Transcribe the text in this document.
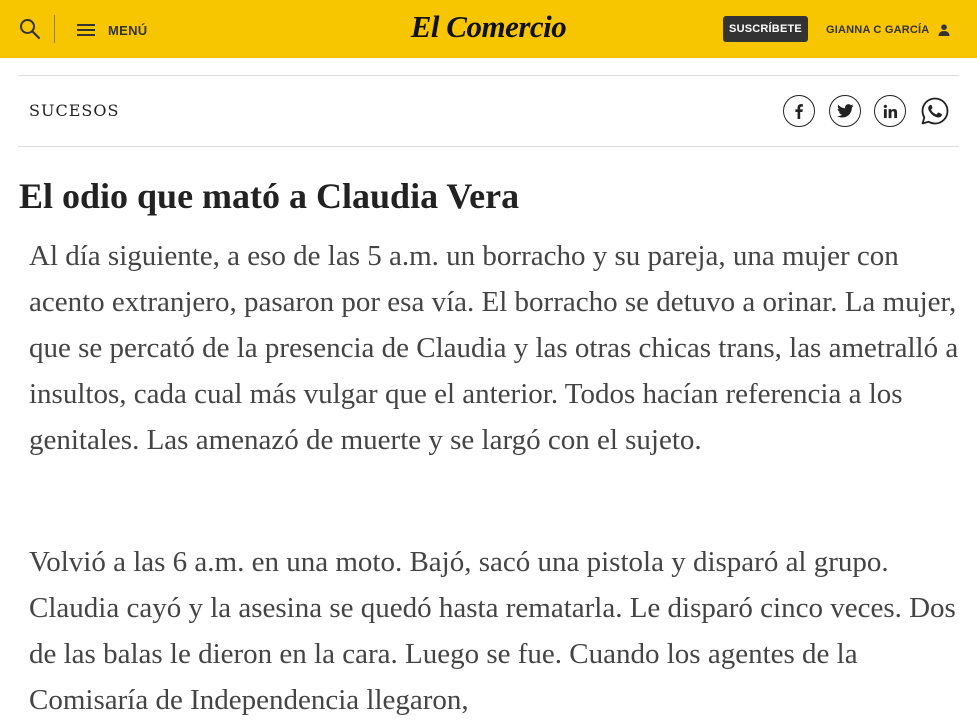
MENÚ	El Comercio	SUSCRÍBETE	GIANNA C GARCÍA
SUCESOS
El odio que mató a Claudia Vera

Al día siguiente, a eso de las 5 a.m. un borracho y su pareja, una mujer con acento extranjero, pasaron por esa vía. El borracho se detuvo a orinar. La mujer, que se percató de la presencia de Claudia y las otras chicas trans, las ametralló a insultos, cada cual más vulgar que el anterior. Todos hacían referencia a los genitales. Las amenazó de muerte y se largó con el sujeto.

Volvió a las 6 a.m. en una moto. Bajó, sacó una pistola y disparó al grupo. Claudia cayó y la asesina se quedó hasta rematarla. Le disparó cinco veces. Dos de las balas le dieron en la cara. Luego se fue. Cuando los agentes de la Comisaría de Independencia llegaron,
